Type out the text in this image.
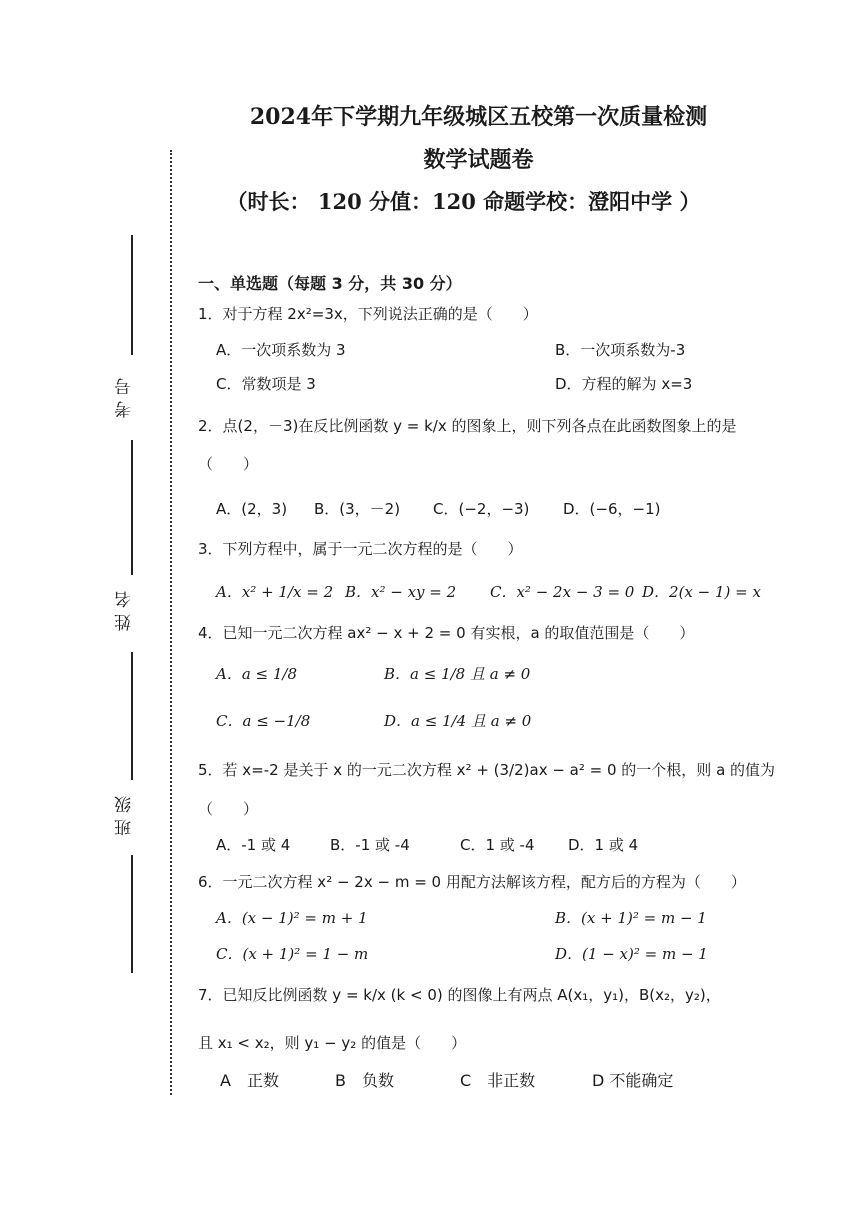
考号
姓名
班级
2024年下学期九年级城区五校第一次质量检测
数学试题卷
（时长： 120 分值：120 命题学校：澄阳中学 ）
一、单选题（每题 3 分，共 30 分）
1．对于方程 2x²=3x，下列说法正确的是（　　）
A．一次项系数为 3	B．一次项系数为-3
C．常数项是 3	D．方程的解为 x=3
2．点(2，－3)在反比例函数 y = k/x 的图象上，则下列各点在此函数图象上的是
（　　）
A．(2，3) B．(3，－2) C．(−2，−3) D．(−6，−1)
3．下列方程中，属于一元二次方程的是（　　）
A．x² + 1/x = 2 B．x² − xy = 2 C．x² − 2x − 3 = 0 D．2(x − 1) = x
4．已知一元二次方程 ax² − x + 2 = 0 有实根，a 的取值范围是（　　）
A．a ≤ 1/8	B．a ≤ 1/8 且 a ≠ 0
C．a ≤ −1/8	D．a ≤ 1/4 且 a ≠ 0
5．若 x=-2 是关于 x 的一元二次方程 x² + (3/2)ax − a² = 0 的一个根，则 a 的值为
（　　）
A．-1 或 4	B．-1 或 -4	C．1 或 -4 D．1 或 4
6．一元二次方程 x² − 2x − m = 0 用配方法解该方程，配方后的方程为（　　）
A．(x − 1)² = m + 1	B．(x + 1)² = m − 1
C．(x + 1)² = 1 − m	D．(1 − x)² = m − 1
7．已知反比例函数 y = k/x (k < 0) 的图像上有两点 A(x₁，y₁)，B(x₂，y₂)，
且 x₁ < x₂，则 y₁ − y₂ 的值是（　　）
A　正数	B　负数	C　非正数	D 不能确定
